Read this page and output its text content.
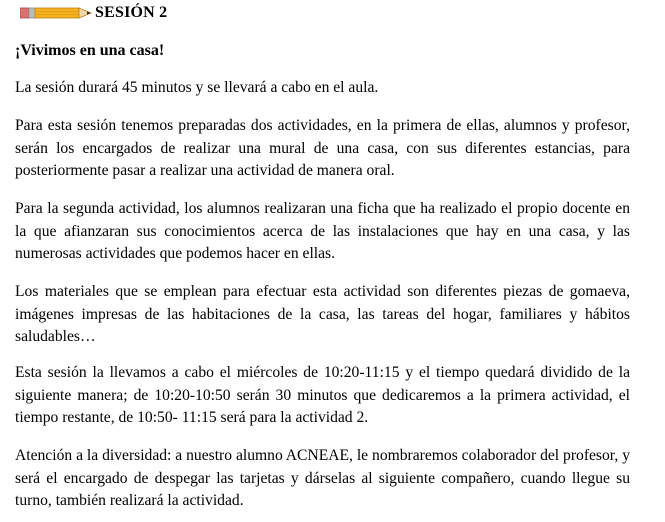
SESIÓN 2
¡Vivimos en una casa!

La sesión durará 45 minutos y se llevará a cabo en el aula.

Para esta sesión tenemos preparadas dos actividades, en la primera de ellas, alumnos y profesor, serán los encargados de realizar una mural de una casa, con sus diferentes estancias, para posteriormente pasar a realizar una actividad de manera oral.

Para la segunda actividad, los alumnos realizaran una ficha que ha realizado el propio docente en la que afianzaran sus conocimientos acerca de las instalaciones que hay en una casa, y las numerosas actividades que podemos hacer en ellas.

Los materiales que se emplean para efectuar esta actividad son diferentes piezas de gomaeva, imágenes impresas de las habitaciones de la casa, las tareas del hogar, familiares y hábitos saludables…

Esta sesión la llevamos a cabo el miércoles de 10:20-11:15 y el tiempo quedará dividido de la siguiente manera; de 10:20-10:50 serán 30 minutos que dedicaremos a la primera actividad, el tiempo restante, de 10:50- 11:15 será para la actividad 2.

Atención a la diversidad: a nuestro alumno ACNEAE, le nombraremos colaborador del profesor, y será el encargado de despegar las tarjetas y dárselas al siguiente compañero, cuando llegue su turno, también realizará la actividad.
